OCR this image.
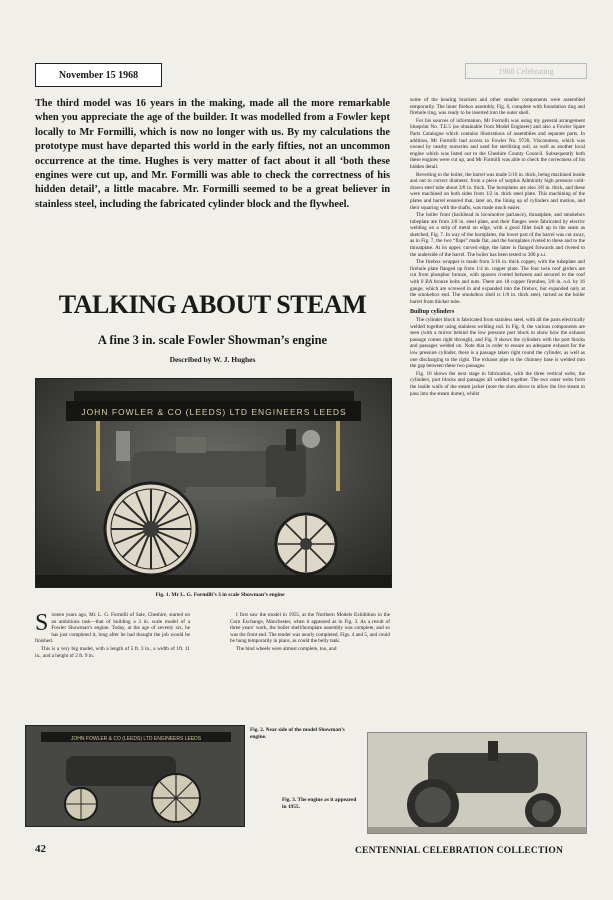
November 15 1968	1968 Celebrating
The third model was 16 years in the making, made all the more remarkable when you appreciate the age of the builder. It was modelled from a Fowler kept locally to Mr Formilli, which is now no longer with us. By my calculations the prototype must have departed this world in the early fifties, not an uncommon occurrence at the time. Hughes is very matter of fact about it all ‘both these engines were cut up, and Mr. Formilli was able to check the correctness of his hidden detail’, a little macabre. Mr. Formilli seemed to be a great believer in stainless steel, including the fabricated cylinder block and the flywheel.
TALKING ABOUT STEAM
A fine 3 in. scale Fowler Showman’s engine
Described by W. J. Hughes
JOHN FOWLER & CO (LEEDS) LTD ENGINEERS LEEDS
Fig. 1. Mr L. G. Formilli’s 3 in scale Showman’s engine

Sixteen years ago, Mr. L. G. Formilli of Sale, Cheshire, started on an ambitious task—that of building a 3 in. scale model of a Fowler Showman’s engine. Today, at the age of seventy six, he has just completed it, long after he had thought the job would be finished.

This is a very big model, with a length of 5 ft. 3 in., a width of 1ft. 11 in., and a height of 2 ft. 9 in.

I first saw the model in 1955, at the Northern Models Exhibition in the Corn Exchange, Manchester, when it appeared as in Fig. 3. As a result of three years’ work, the boiler shell/hornplate assembly was complete, and so was the front end. The tender was nearly completed, Figs. 4 and 5, and could be hung temporarily in place, as could the belly tank.

The hind wheels were almost complete, too, and

some of the bearing brackets and other smaller components were assembled temporarily. The inner firebox assembly, Fig. 6, complete with foundation ring and firehole ring, was ready to be inserted into the outer shell.

For his sources of information, Mr Formilli was using my general arrangement blueprint No. T.E.5 (as obtainable from Model Engineer) and also a Fowler Spare Parts Catalogue which contains illustrations of assemblies and separate parts. In addition, Mr Formilli had access to Fowler No. 9720, Viscountess, which was owned by nearby nurseries and used for sterilising soil, as well as another local engine which was listed out to the Cheshire County Council. Subsequently both these engines were cut up, and Mr Formilli was able to check the correctness of his hidden detail.

Reverting to the boiler, the barrel was made 5/16 in. thick, being machined inside and out to correct diameter, from a piece of surplus Admiralty high pressure cold-drawn steel tube about 3/8 in. thick. The hornplates are also 3/8 in. thick, and these were machined on both sides from 1/2 in. thick steel plate. This machining of the plates and barrel ensured that, later on, the lining up of cylinders and motion, and their squaring with the shafts, was made much easier.

The boiler front (backhead in locomotive parlance), throatplate, and smokebox tubeplate are from 3/8 in. steel plate, and their flanges were fabricated by electric welding on a strip of metal on edge, with a good fillet built up in the seam as sketched, Fig. 7. In way of the hornplates, the lower part of the barrel was cut away, as in Fig. 7, the two “flaps” made flat, and the hornplates riveted to these and to the throatplate. At its upper, curved edge, the latter is flanged forwards and riveted to the underside of the barrel. The boiler has been tested to 300 p.s.i.

The firebox wrapper is made from 3/16 in. thick copper, with the tubeplate and firehole plate flanged up from 1/4 in. copper plate. The four twin roof girders are cut from phosphor bronze, with spacers riveted between and secured to the roof with 0 BA bronze bolts and nuts. There are 18 copper firetubes, 3/8 in. o.d. by 16 gauge, which are screwed in and expanded into the firebox, but expanded only at the smokebox end. The smokebox shell is 1/8 in. thick steel, turned as the boiler barrel from thicker tube.

Builtup cylinders

The cylinder block is fabricated from stainless steel, with all the parts electrically welded together using stainless welding rod. In Fig. 8, the various components are seen (with a mirror behind the low pressure port block to show how the exhaust passage comes right through), and Fig. 9 shows the cylinders with the port blocks and passages welded on. Note that in order to ensure an adequate exhaust for the low pressure cylinder, there is a passage taken right round the cylinder, as well as one discharging to the right. The exhaust pipe to the chimney base is welded into the gap between these two passages.

Fig. 10 shows the next stage in fabrication, with the three vertical webs, the cylinders, port blocks and passages all welded together. The two outer webs form the inside walls of the steam jacket (note the slots above to allow the live steam to pass into the steam dome), whilst

JOHN FOWLER & CO (LEEDS) LTD ENGINEERS LEEDS
Fig. 2. Near side of the model Showman’s engine.
Fig. 3. The engine as it appeared in 1955.
42	CENTENNIAL CELEBRATION COLLECTION
